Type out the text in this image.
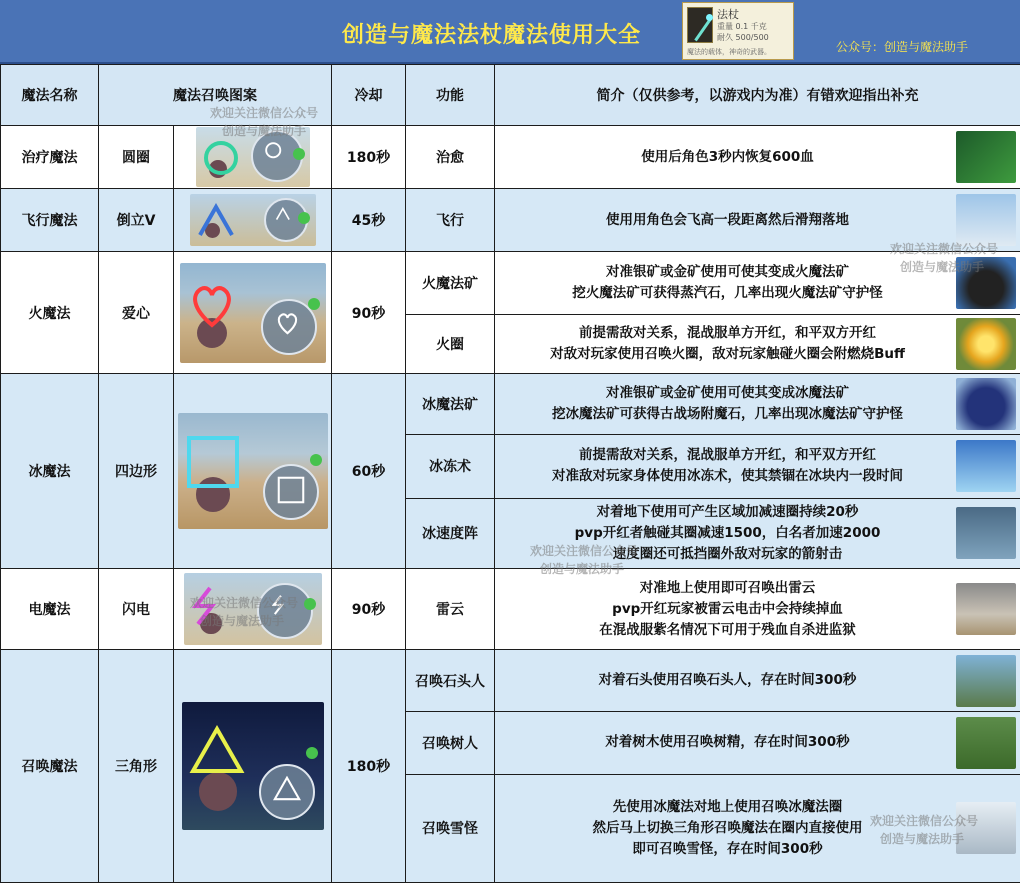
创造与魔法法杖魔法使用大全
法杖
重量 0.1 千克
耐久 500/500
魔法的载体，神奇的武器。	公众号：创造与魔法助手
魔法名称	魔法召唤图案		冷却	功能	简介（仅供参考，以游戏内为准）有错欢迎指出补充
治疗魔法	圆圈		180秒	治愈	使用后角色3秒内恢复600血

飞行魔法	倒立V		45秒	飞行	使用用角色会飞高一段距离然后滑翔落地

火魔法	爱心		90秒	火魔法矿	对准银矿或金矿使用可使其变成火魔法矿
挖火魔法矿可获得蒸汽石，几率出现火魔法矿守护怪

				火圈	前提需敌对关系，混战服单方开红，和平双方开红
对敌对玩家使用召唤火圈，敌对玩家触碰火圈会附燃烧Buff

冰魔法	四边形		60秒	冰魔法矿	对准银矿或金矿使用可使其变成冰魔法矿
挖冰魔法矿可获得古战场附魔石，几率出现冰魔法矿守护怪

				冰冻术	前提需敌对关系，混战服单方开红，和平双方开红
对准敌对玩家身体使用冰冻术，使其禁锢在冰块内一段时间

				冰速度阵	对着地下使用可产生区域加减速圈持续20秒
pvp开红者触碰其圈减速1500，白名者加速2000
速度圈还可抵挡圈外敌对玩家的箭射击

电魔法	闪电		90秒	雷云	对准地上使用即可召唤出雷云
pvp开红玩家被雷云电击中会持续掉血
在混战服紫名情况下可用于残血自杀进监狱

召唤魔法	三角形		180秒	召唤石头人	对着石头使用召唤石头人，存在时间300秒

				召唤树人	对着树木使用召唤树精，存在时间300秒

				召唤雪怪	先使用冰魔法对地上使用召唤冰魔法圈
然后马上切换三角形召唤魔法在圈内直接使用
即可召唤雪怪，存在时间300秒
欢迎关注微信公众号
创造与魔法助手
欢迎关注微信公众号
创造与魔法助手
欢迎关注微信公众号
创造与魔法助手
欢迎关注微信公众号
创造与魔法助手
欢迎关注微信公众号
创造与魔法助手
